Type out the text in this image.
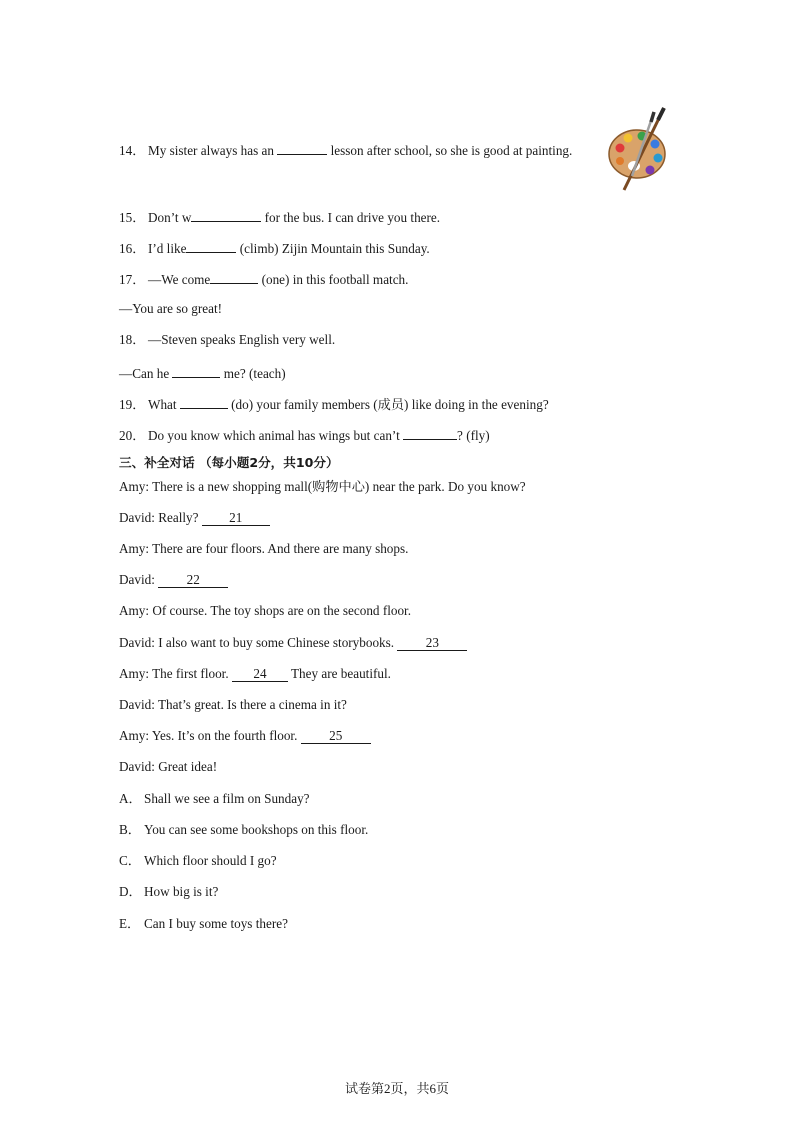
14． My sister always has an	lesson after school, so she is good at painting.
15． Don’t w	for the bus. I can drive you there.
16． I’d like	(climb) Zijin Mountain this Sunday.
17． —We come	(one) in this football match.
—You are so great!
18． —Steven speaks English very well.
—Can he	me? (teach)
19． What	(do) your family members (成员) like doing in the evening?
20． Do you know which animal has wings but can’t	? (fly)
三、补全对话 （每小题2分，共10分）
Amy: There is a new shopping mall(购物中心) near the park. Do you know?
David: Really? 21
Amy: There are four floors. And there are many shops.
David: 22
Amy: Of course. The toy shops are on the second floor.
David: I also want to buy some Chinese storybooks. 23
Amy: The first floor. 24 They are beautiful.
David: That’s great. Is there a cinema in it?
Amy: Yes. It’s on the fourth floor. 25
David: Great idea!
A． Shall we see a film on Sunday?
B． You can see some bookshops on this floor.
C． Which floor should I go?
D． How big is it?
E． Can I buy some toys there?
试卷第2页，共6页
